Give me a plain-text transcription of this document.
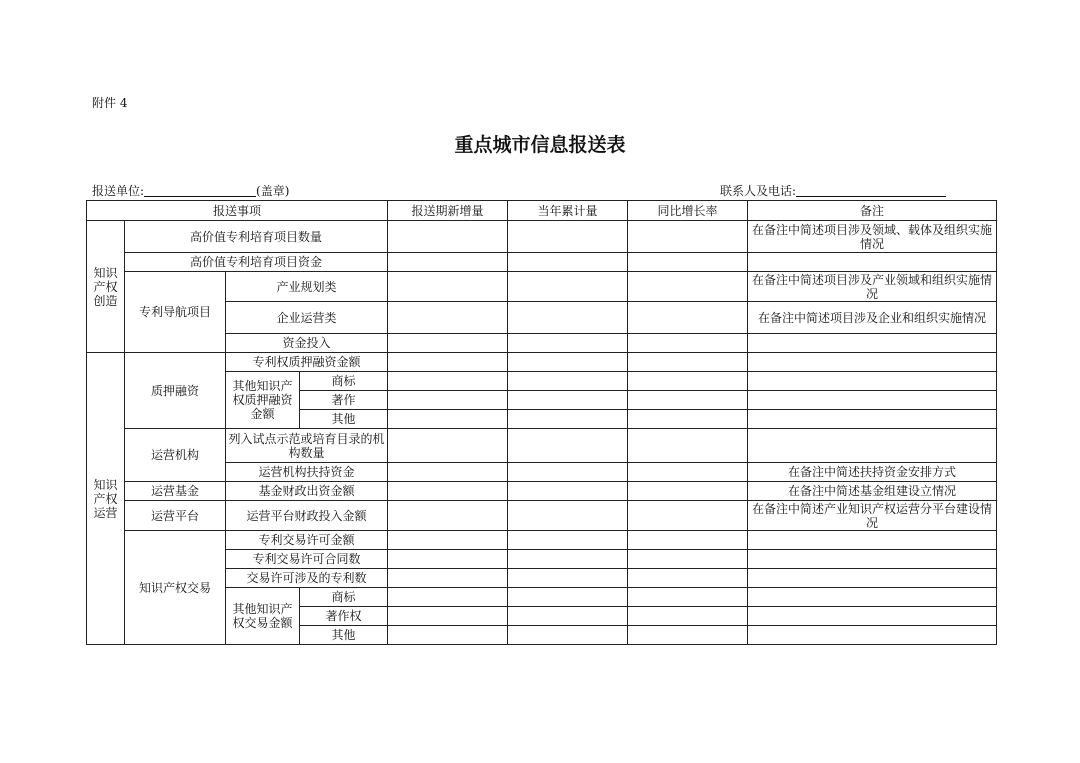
附件 4
重点城市信息报送表
报送单位:	(盖章)	联系人及电话:
报送事项				报送期新增量	当年累计量	同比增长率	备注
知识产权创造	高价值专利培育项目数量						在备注中简述项目涉及领域、载体及组织实施情况
	高价值专利培育项目资金						
	专利导航项目	产业规划类					在备注中简述项目涉及产业领域和组织实施情况
		企业运营类					在备注中简述项目涉及企业和组织实施情况
		资金投入					

知识产权运营	质押融资	专利权质押融资金额					
		其他知识产权质押融资金额	商标				
			著作				
			其他				
	运营机构	列入试点示范或培育目录的机构数量					
		运营机构扶持资金					在备注中简述扶持资金安排方式
	运营基金	基金财政出资金额					在备注中简述基金组建设立情况
	运营平台	运营平台财政投入金额					在备注中简述产业知识产权运营分平台建设情况
	知识产权交易	专利交易许可金额					
		专利交易许可合同数					
		交易许可涉及的专利数					
		其他知识产权交易金额	商标				
			著作权				
			其他				
